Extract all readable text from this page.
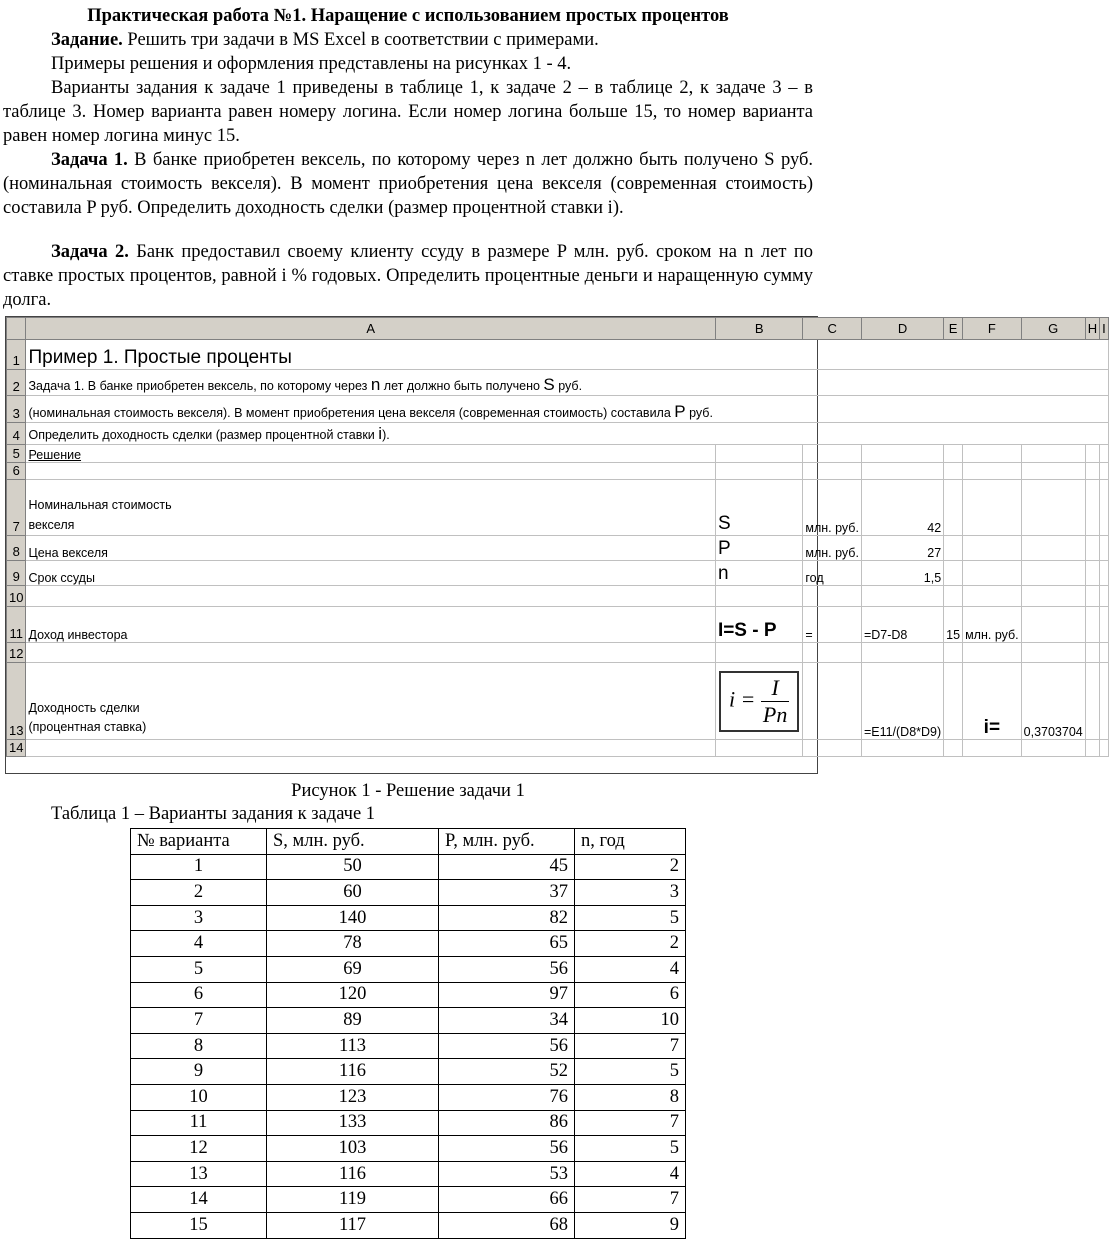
Практическая работа №1. Наращение с использованием простых процентов
Задание. Решить три задачи в MS Excel в соответствии с примерами.
Примеры решения и оформления представлены на рисунках 1 - 4.
Варианты задания к задаче 1 приведены в таблице 1, к задаче 2 – в таблице 2, к задаче 3 – в таблице 3. Номер варианта равен номеру логина. Если номер логина больше 15, то номер варианта равен номер логина минус 15.
Задача 1. В банке приобретен вексель, по которому через n лет должно быть получено S руб. (номинальная стоимость векселя). В момент приобретения цена векселя (современная стоимость) составила P руб. Определить доходность сделки (размер процентной ставки i).
Задача 2. Банк предоставил своему клиенту ссуду в размере P млн. руб. сроком на n лет по ставке простых процентов, равной i % годовых. Определить процентные деньги и наращенную сумму долга.
	A	B	C	D	E	F	G	H	I
1	Пример 1. Простые проценты								
2	Задача 1. В банке приобретен вексель, по которому через n лет должно быть получено S руб.								
3	(номинальная стоимость векселя). В момент приобретения цена векселя (современная стоимость) составила P руб.								
4	Определить доходность сделки (размер процентной ставки i).								
5	Решение								
6									
7	Номинальная стоимость
векселя	S	млн. руб.	42					
8	Цена векселя	P	млн. руб.	27					
9	Срок ссуды	n	год	1,5					
10									
11	Доход инвестора	I=S - P	=	=D7-D8	15	млн. руб.			
12									
13	Доходность сделки
(процентная ставка)	$i = \frac{I}{Pn}$		=E11/(D8*D9)		i=	0,3703704		
14									
Рисунок 1 - Решение задачи 1
Таблица 1 – Варианты задания к задаче 1
№ варианта	S, млн. руб.	P, млн. руб.	n, год
1	50	45	2
2	60	37	3
3	140	82	5
4	78	65	2
5	69	56	4
6	120	97	6
7	89	34	10
8	113	56	7
9	116	52	5
10	123	76	8
11	133	86	7
12	103	56	5
13	116	53	4
14	119	66	7
15	117	68	9
